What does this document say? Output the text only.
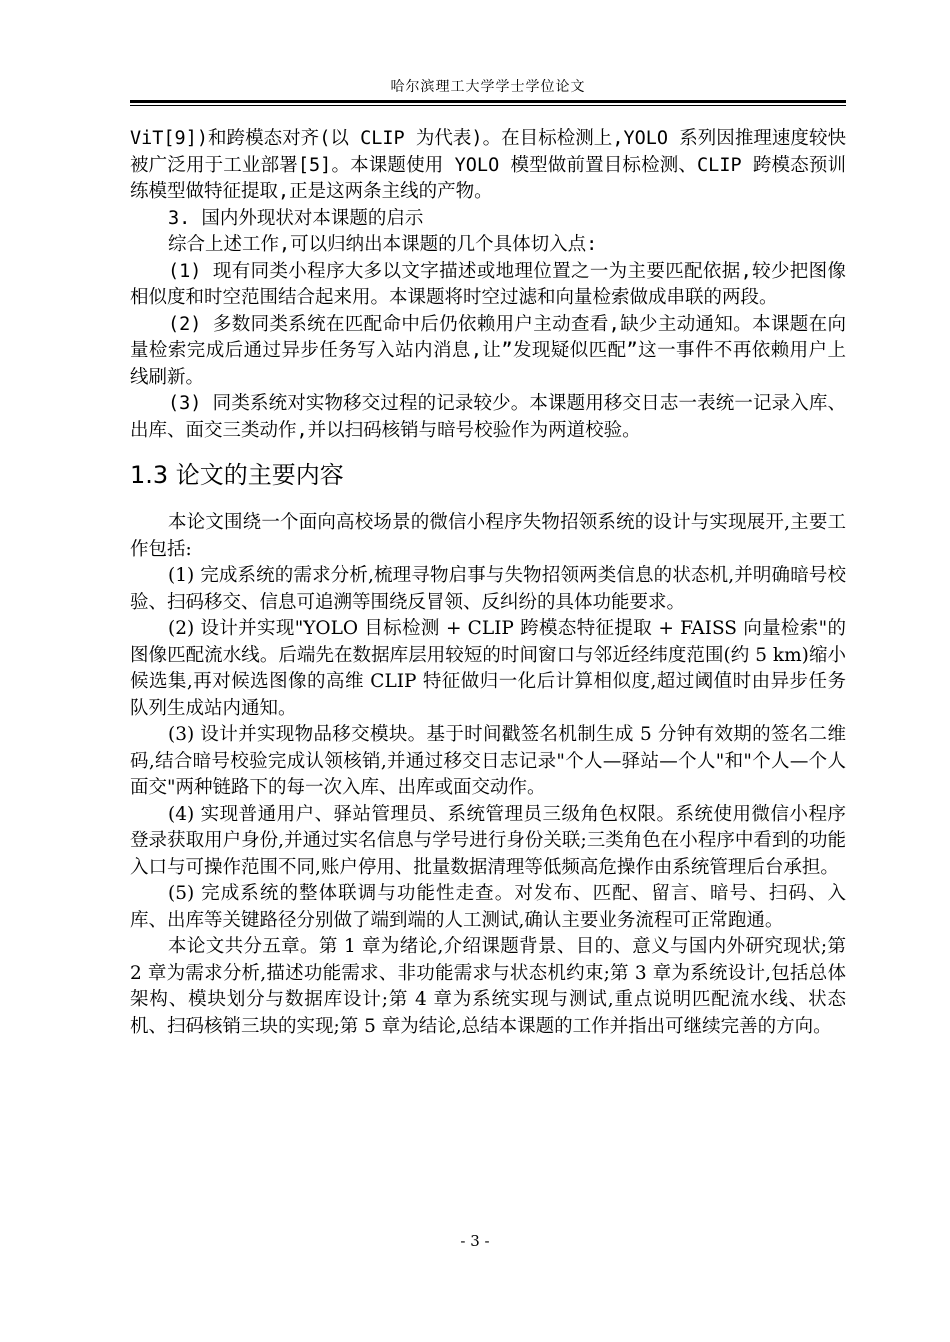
哈尔滨理工大学学士学位论文

ViT[9])和跨模态对齐(以 CLIP 为代表)。在目标检测上,YOLO 系列因推理速度较快被广泛用于工业部署[5]。本课题使用 YOLO 模型做前置目标检测、CLIP 跨模态预训练模型做特征提取,正是这两条主线的产物。

3. 国内外现状对本课题的启示

综合上述工作,可以归纳出本课题的几个具体切入点:

(1) 现有同类小程序大多以文字描述或地理位置之一为主要匹配依据,较少把图像相似度和时空范围结合起来用。本课题将时空过滤和向量检索做成串联的两段。

(2) 多数同类系统在匹配命中后仍依赖用户主动查看,缺少主动通知。本课题在向量检索完成后通过异步任务写入站内消息,让”发现疑似匹配”这一事件不再依赖用户上线刷新。

(3) 同类系统对实物移交过程的记录较少。本课题用移交日志一表统一记录入库、出库、面交三类动作,并以扫码核销与暗号校验作为两道校验。

1.3 论文的主要内容

本论文围绕一个面向高校场景的微信小程序失物招领系统的设计与实现展开,主要工作包括:

(1) 完成系统的需求分析,梳理寻物启事与失物招领两类信息的状态机,并明确暗号校验、扫码移交、信息可追溯等围绕反冒领、反纠纷的具体功能要求。

(2) 设计并实现"YOLO 目标检测 + CLIP 跨模态特征提取 + FAISS 向量检索"的图像匹配流水线。后端先在数据库层用较短的时间窗口与邻近经纬度范围(约 5 km)缩小候选集,再对候选图像的高维 CLIP 特征做归一化后计算相似度,超过阈值时由异步任务队列生成站内通知。

(3) 设计并实现物品移交模块。基于时间戳签名机制生成 5 分钟有效期的签名二维码,结合暗号校验完成认领核销,并通过移交日志记录"个人—驿站—个人"和"个人—个人面交"两种链路下的每一次入库、出库或面交动作。

(4) 实现普通用户、驿站管理员、系统管理员三级角色权限。系统使用微信小程序登录获取用户身份,并通过实名信息与学号进行身份关联;三类角色在小程序中看到的功能入口与可操作范围不同,账户停用、批量数据清理等低频高危操作由系统管理后台承担。

(5) 完成系统的整体联调与功能性走查。对发布、匹配、留言、暗号、扫码、入库、出库等关键路径分别做了端到端的人工测试,确认主要业务流程可正常跑通。

本论文共分五章。第 1 章为绪论,介绍课题背景、目的、意义与国内外研究现状;第 2 章为需求分析,描述功能需求、非功能需求与状态机约束;第 3 章为系统设计,包括总体架构、模块划分与数据库设计;第 4 章为系统实现与测试,重点说明匹配流水线、状态机、扫码核销三块的实现;第 5 章为结论,总结本课题的工作并指出可继续完善的方向。

- 3 -
